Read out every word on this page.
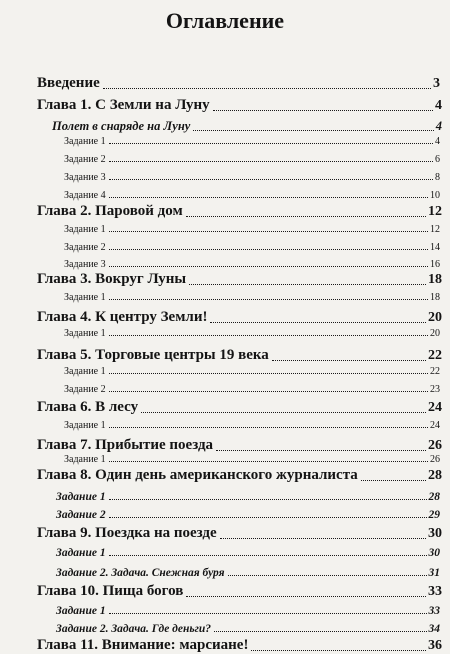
Оглавление
Введение	3
Глава 1. С Земли на Луну	4
Полет в снаряде на Луну	4
Задание 1	4
Задание 2	6
Задание 3	8
Задание 4	10
Глава 2. Паровой дом	12
Задание 1	12
Задание 2	14
Задание 3	16
Глава 3. Вокруг Луны	18
Задание 1	18
Глава 4. К центру Земли!	20
Задание 1	20
Глава 5. Торговые центры 19 века	22
Задание 1	22
Задание 2	23
Глава 6. В лесу	24
Задание 1	24
Глава 7. Прибытие поезда	26
Задание 1	26
Глава 8. Один день американского журналиста	28
Задание 1	28
Задание 2	29
Глава 9. Поездка на поезде	30
Задание 1	30
Задание 2. Задача. Снежная буря	31
Глава 10. Пища богов	33
Задание 1	33
Задание 2. Задача. Где деньги?	34
Глава 11. Внимание: марсиане!	36
